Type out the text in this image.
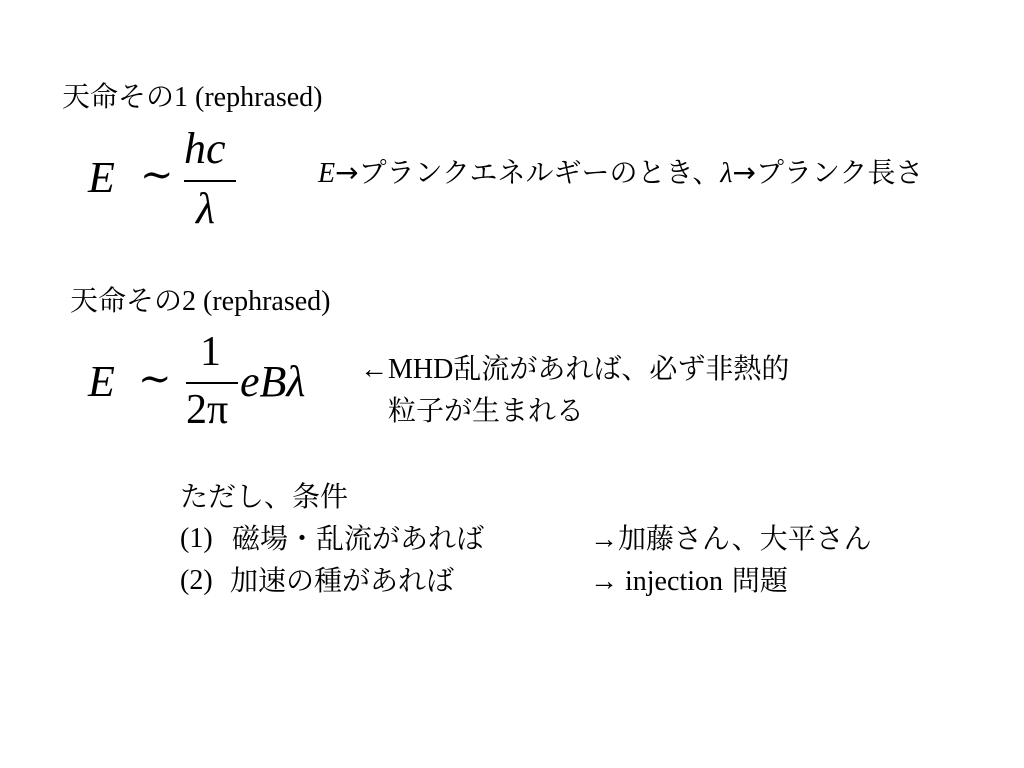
天命その1 (rephrased)
E ∼
hc
λ
E→プランクエネルギーのとき、λ→プランク長さ
天命その2 (rephrased)
E ∼
1
2π
eBλ ←MHD乱流があれば、必ず非熱的
粒子が生まれる
ただし、条件
(1) 磁場・乱流があれば	→加藤さん、大平さん
(2) 加速の種があれば	→ injection 問題
